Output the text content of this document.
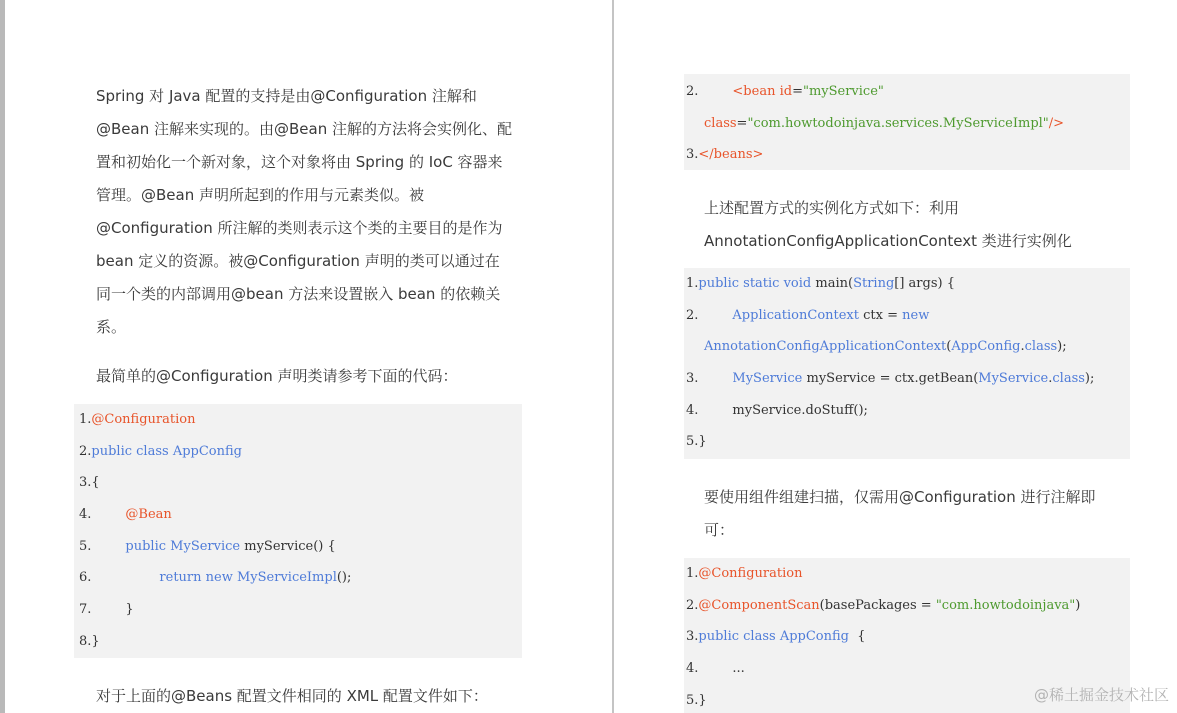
Spring 对 Java 配置的支持是由@Configuration 注解和
@Bean 注解来实现的。由@Bean 注解的方法将会实例化、配
置和初始化一个新对象，这个对象将由 Spring 的 IoC 容器来
管理。@Bean 声明所起到的作用与元素类似。被
@Configuration 所注解的类则表示这个类的主要目的是作为
bean 定义的资源。被@Configuration 声明的类可以通过在
同一个类的内部调用@bean 方法来设置嵌入 bean 的依赖关
系。
最简单的@Configuration 声明类请参考下面的代码：
1.@Configuration
2.public class AppConfig
3.{
4.	@Bean
5.	public MyService myService() {
6.	return new MyServiceImpl();
7.	}
8.}
对于上面的@Beans 配置文件相同的 XML 配置文件如下：
2.	<bean id="myService"
class="com.howtodoinjava.services.MyServiceImpl"/>
3.</beans>
上述配置方式的实例化方式如下：利用
AnnotationConfigApplicationContext 类进行实例化
1.public static void main(String[] args) {
2.	ApplicationContext ctx = new
AnnotationConfigApplicationContext(AppConfig.class);
3.	MyService myService = ctx.getBean(MyService.class);
4.	myService.doStuff();
5.}
要使用组件组建扫描，仅需用@Configuration 进行注解即
可：
1.@Configuration
2.@ComponentScan(basePackages = "com.howtodoinjava")
3.public class AppConfig  {
4.	...
5.}	@稀土掘金技术社区
